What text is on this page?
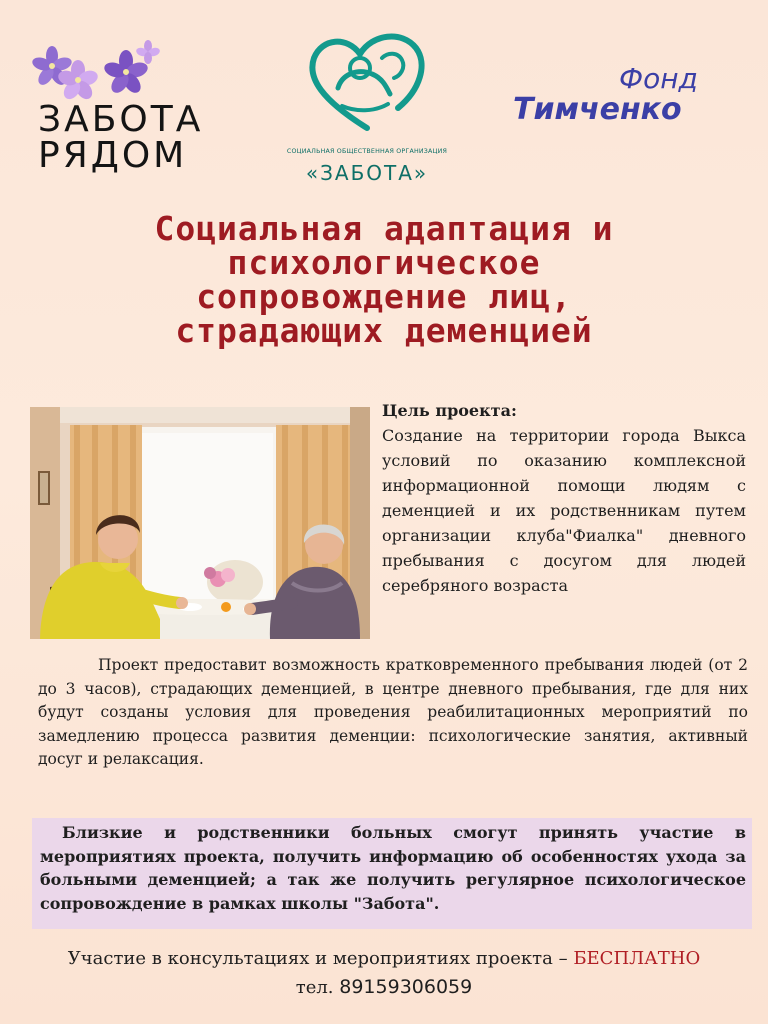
ЗАБОТА
РЯДОМ	СОЦИАЛЬНАЯ ОБЩЕСТВЕННАЯ ОРГАНИЗАЦИЯ
«ЗАБОТА»
Фонд
Тимченко
Социальная адаптация и
психологическое
сопровождение лиц,
страдающих деменцией
Цель проекта:

Создание на территории города Выкса условий по оказанию комплексной информационной помощи людям с деменцией и их родственникам путем организации клуба"Фиалка" дневного пребывания с досугом для людей серебряного возраста

Проект предоставит возможность кратковременного пребывания людей (от 2 до 3 часов), страдающих деменцией, в центре дневного пребывания, где для них будут созданы условия для проведения реабилитационных мероприятий по замедлению процесса развития деменции: психологические занятия, активный досуг и релаксация.

Близкие и родственники больных смогут принять участие в мероприятиях проекта, получить информацию об особенностях ухода за больными деменцией; а так же получить регулярное психологическое сопровождение в рамках школы "Забота".

Участие в консультациях и мероприятиях проекта – БЕСПЛАТНО
тел. 89159306059
